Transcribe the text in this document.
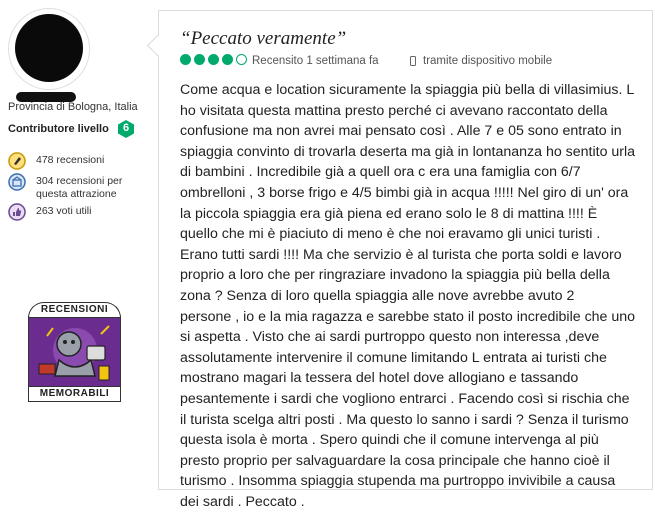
Provincia di Bologna, Italia
Contributore livello	6
478 recensioni
304 recensioni per questa attrazione
263 voti utili
RECENSIONI
MEMORABILI
“Peccato veramente”
Recensito 1 settimana fa	tramite dispositivo mobile
Come acqua e location sicuramente la spiaggia più bella di villasimius. L
ho visitata questa mattina presto perché ci avevano raccontato della
confusione ma non avrei mai pensato così . Alle 7 e 05 sono entrato in
spiaggia convinto di trovarla deserta ma già in lontananza ho sentito urla
di bambini . Incredibile già a quell ora c era una famiglia con 6/7
ombrelloni , 3 borse frigo e 4/5 bimbi già in acqua !!!!! Nel giro di un' ora
la piccola spiaggia era già piena ed erano solo le 8 di mattina !!!! È
quello che mi è piaciuto di meno è che noi eravamo gli unici turisti .
Erano tutti sardi !!!! Ma che servizio è al turista che porta soldi e lavoro
proprio a loro che per ringraziare invadono la spiaggia più bella della
zona ? Senza di loro quella spiaggia alle nove avrebbe avuto 2
persone , io e la mia ragazza e sarebbe stato il posto incredibile che uno
si aspetta . Visto che ai sardi purtroppo questo non interessa ,deve
assolutamente intervenire il comune limitando L entrata ai turisti che
mostrano magari la tessera del hotel dove allogiano e tassando
pesantemente i sardi che vogliono entrarci . Facendo così si rischia che
il turista scelga altri posti . Ma questo lo sanno i sardi ? Senza il turismo
questa isola è morta . Spero quindi che il comune intervenga al più
presto proprio per salvaguardare la cosa principale che hanno cioè il
turismo . Insomma spiaggia stupenda ma purtroppo invivibile a causa
dei sardi . Peccato .
